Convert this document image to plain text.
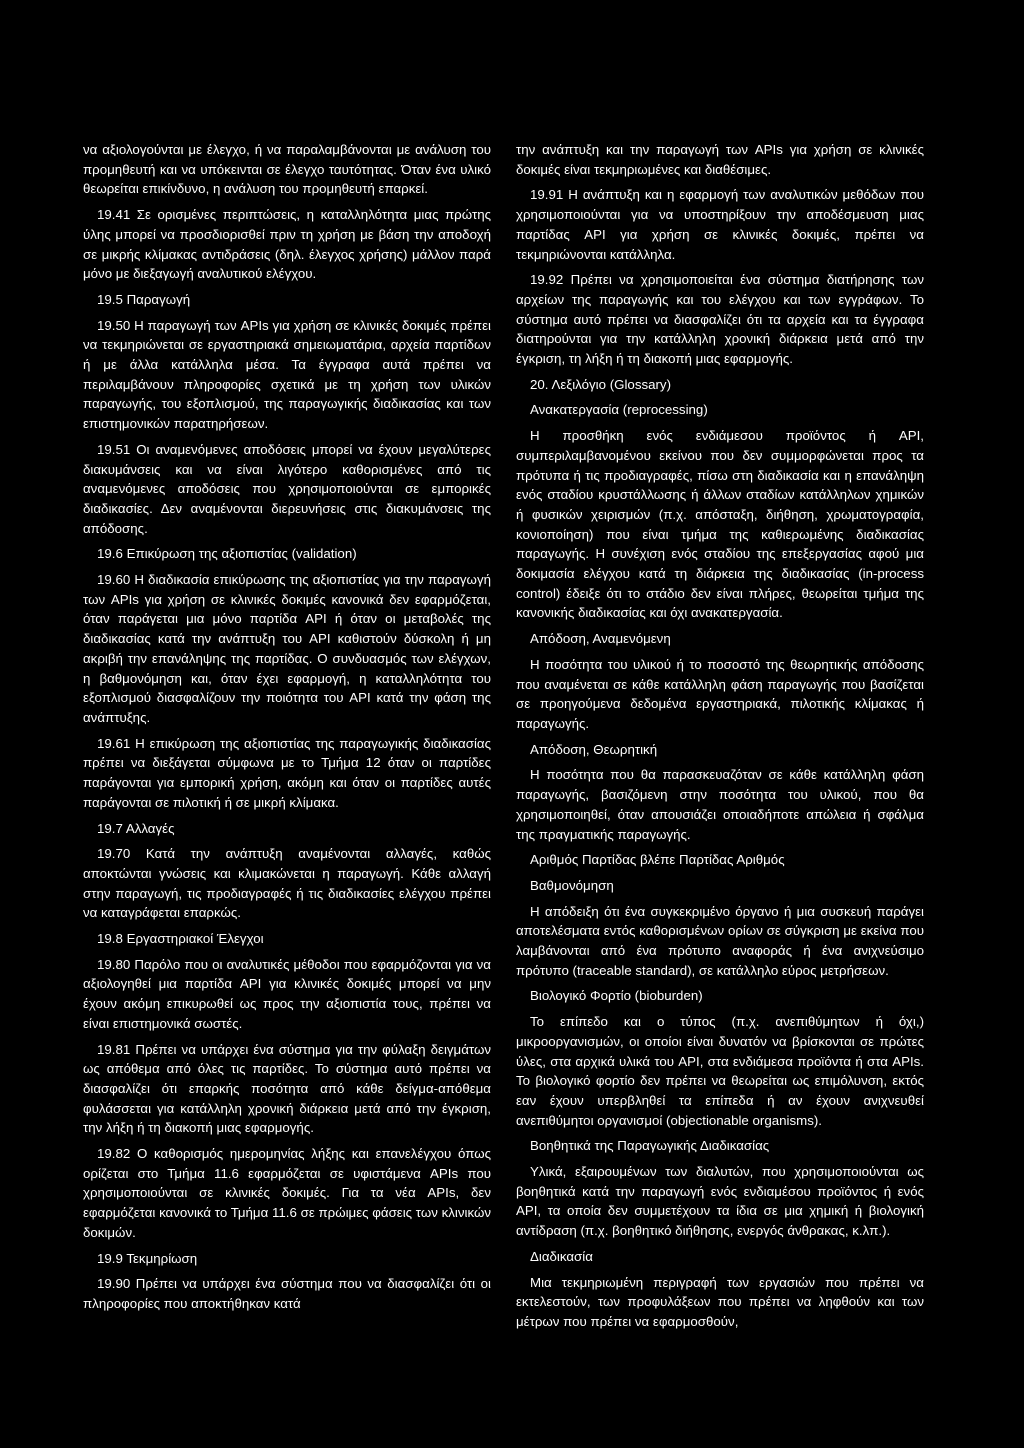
να αξιολογούνται με έλεγχο, ή να παραλαμβάνονται με ανάλυση του προμηθευτή και να υπόκεινται σε έλεγχο ταυτότητας. Όταν ένα υλικό θεωρείται επικίνδυνο, η ανάλυση του προμηθευτή επαρκεί.

19.41 Σε ορισμένες περιπτώσεις, η καταλληλότητα μιας πρώτης ύλης μπορεί να προσδιορισθεί πριν τη χρήση με βάση την αποδοχή σε μικρής κλίμακας αντιδράσεις (δηλ. έλεγχος χρήσης) μάλλον παρά μόνο με διεξαγωγή αναλυτικού ελέγχου.

19.5 Παραγωγή

19.50 Η παραγωγή των APIs για χρήση σε κλινικές δοκιμές πρέπει να τεκμηριώνεται σε εργαστηριακά σημειωματάρια, αρχεία παρτίδων ή με άλλα κατάλληλα μέσα. Τα έγγραφα αυτά πρέπει να περιλαμβάνουν πληροφορίες σχετικά με τη χρήση των υλικών παραγωγής, του εξοπλισμού, της παραγωγικής διαδικασίας και των επιστημονικών παρατηρήσεων.

19.51 Οι αναμενόμενες αποδόσεις μπορεί να έχουν μεγαλύτερες διακυμάνσεις και να είναι λιγότερο καθορισμένες από τις αναμενόμενες αποδόσεις που χρησιμοποιούνται σε εμπορικές διαδικασίες. Δεν αναμένονται διερευνήσεις στις διακυμάνσεις της απόδοσης.

19.6 Επικύρωση της αξιοπιστίας (validation)

19.60 Η διαδικασία επικύρωσης της αξιοπιστίας για την παραγωγή των APIs για χρήση σε κλινικές δοκιμές κανονικά δεν εφαρμόζεται, όταν παράγεται μια μόνο παρτίδα API ή όταν οι μεταβολές της διαδικασίας κατά την ανάπτυξη του API καθιστούν δύσκολη ή μη ακριβή την επανάληψης της παρτίδας. Ο συνδυασμός των ελέγχων, η βαθμονόμηση και, όταν έχει εφαρμογή, η καταλληλότητα του εξοπλισμού διασφαλίζουν την ποιότητα του API κατά την φάση της ανάπτυξης.

19.61 Η επικύρωση της αξιοπιστίας της παραγωγικής διαδικασίας πρέπει να διεξάγεται σύμφωνα με το Τμήμα 12 όταν οι παρτίδες παράγονται για εμπορική χρήση, ακόμη και όταν οι παρτίδες αυτές παράγονται σε πιλοτική ή σε μικρή κλίμακα.

19.7 Αλλαγές

19.70 Κατά την ανάπτυξη αναμένονται αλλαγές, καθώς αποκτώνται γνώσεις και κλιμακώνεται η παραγωγή. Κάθε αλλαγή στην παραγωγή, τις προδιαγραφές ή τις διαδικασίες ελέγχου πρέπει να καταγράφεται επαρκώς.

19.8 Εργαστηριακοί Έλεγχοι

19.80 Παρόλο που οι αναλυτικές μέθοδοι που εφαρμόζονται για να αξιολογηθεί μια παρτίδα API για κλινικές δοκιμές μπορεί να μην έχουν ακόμη επικυρωθεί ως προς την αξιοπιστία τους, πρέπει να είναι επιστημονικά σωστές.

19.81 Πρέπει να υπάρχει ένα σύστημα για την φύλαξη δειγμάτων ως απόθεμα από όλες τις παρτίδες. Το σύστημα αυτό πρέπει να διασφαλίζει ότι επαρκής ποσότητα από κάθε δείγμα-απόθεμα φυλάσσεται για κατάλληλη χρονική διάρκεια μετά από την έγκριση, την λήξη ή τη διακοπή μιας εφαρμογής.

19.82 Ο καθορισμός ημερομηνίας λήξης και επανελέγχου όπως ορίζεται στο Τμήμα 11.6 εφαρμόζεται σε υφιστάμενα APIs που χρησιμοποιούνται σε κλινικές δοκιμές. Για τα νέα APIs, δεν εφαρμόζεται κανονικά το Τμήμα 11.6 σε πρώιμες φάσεις των κλινικών δοκιμών.

19.9 Τεκμηρίωση

19.90 Πρέπει να υπάρχει ένα σύστημα που να διασφαλίζει ότι οι πληροφορίες που αποκτήθηκαν κατά

την ανάπτυξη και την παραγωγή των APIs για χρήση σε κλινικές δοκιμές είναι τεκμηριωμένες και διαθέσιμες.

19.91 Η ανάπτυξη και η εφαρμογή των αναλυτικών μεθόδων που χρησιμοποιούνται για να υποστηρίξουν την αποδέσμευση μιας παρτίδας API για χρήση σε κλινικές δοκιμές, πρέπει να τεκμηριώνονται κατάλληλα.

19.92 Πρέπει να χρησιμοποιείται ένα σύστημα διατήρησης των αρχείων της παραγωγής και του ελέγχου και των εγγράφων. Το σύστημα αυτό πρέπει να διασφαλίζει ότι τα αρχεία και τα έγγραφα διατηρούνται για την κατάλληλη χρονική διάρκεια μετά από την έγκριση, τη λήξη ή τη διακοπή μιας εφαρμογής.

20. Λεξιλόγιο (Glossary)
Ανακατεργασία (reprocessing)

Η προσθήκη ενός ενδιάμεσου προϊόντος ή API, συμπεριλαμβανομένου εκείνου που δεν συμμορφώνεται προς τα πρότυπα ή τις προδιαγραφές, πίσω στη διαδικασία και η επανάληψη ενός σταδίου κρυστάλλωσης ή άλλων σταδίων κατάλληλων χημικών ή φυσικών χειρισμών (π.χ. απόσταξη, διήθηση, χρωματογραφία, κονιοποίηση) που είναι τμήμα της καθιερωμένης διαδικασίας παραγωγής. Η συνέχιση ενός σταδίου της επεξεργασίας αφού μια δοκιμασία ελέγχου κατά τη διάρκεια της διαδικασίας (in-process control) έδειξε ότι το στάδιο δεν είναι πλήρες, θεωρείται τμήμα της κανονικής διαδικασίας και όχι ανακατεργασία.

Απόδοση, Αναμενόμενη

Η ποσότητα του υλικού ή το ποσοστό της θεωρητικής απόδοσης που αναμένεται σε κάθε κατάλληλη φάση παραγωγής που βασίζεται σε προηγούμενα δεδομένα εργαστηριακά, πιλοτικής κλίμακας ή παραγωγής.

Απόδοση, Θεωρητική

Η ποσότητα που θα παρασκευαζόταν σε κάθε κατάλληλη φάση παραγωγής, βασιζόμενη στην ποσότητα του υλικού, που θα χρησιμοποιηθεί, όταν απουσιάζει οποιαδήποτε απώλεια ή σφάλμα της πραγματικής παραγωγής.

Αριθμός Παρτίδας βλέπε Παρτίδας Αριθμός
Βαθμονόμηση

Η απόδειξη ότι ένα συγκεκριμένο όργανο ή μια συσκευή παράγει αποτελέσματα εντός καθορισμένων ορίων σε σύγκριση με εκείνα που λαμβάνονται από ένα πρότυπο αναφοράς ή ένα ανιχνεύσιμο πρότυπο (traceable standard), σε κατάλληλο εύρος μετρήσεων.

Βιολογικό Φορτίο (bioburden)

Το επίπεδο και ο τύπος (π.χ. ανεπιθύμητων ή όχι,) μικροοργανισμών, οι οποίοι είναι δυνατόν να βρίσκονται σε πρώτες ύλες, στα αρχικά υλικά του API, στα ενδιάμεσα προϊόντα ή στα APIs. Το βιολογικό φορτίο δεν πρέπει να θεωρείται ως επιμόλυνση, εκτός εαν έχουν υπερβληθεί τα επίπεδα ή αν έχουν ανιχνευθεί ανεπιθύμητοι οργανισμοί (objectionable organisms).

Βοηθητικά της Παραγωγικής Διαδικασίας

Υλικά, εξαιρουμένων των διαλυτών, που χρησιμοποιούνται ως βοηθητικά κατά την παραγωγή ενός ενδιαμέσου προϊόντος ή ενός API, τα οποία δεν συμμετέχουν τα ίδια σε μια χημική ή βιολογική αντίδραση (π.χ. βοηθητικό διήθησης, ενεργός άνθρακας, κ.λπ.).

Διαδικασία

Μια τεκμηριωμένη περιγραφή των εργασιών που πρέπει να εκτελεστούν, των προφυλάξεων που πρέπει να ληφθούν και των μέτρων που πρέπει να εφαρμοσθούν,
